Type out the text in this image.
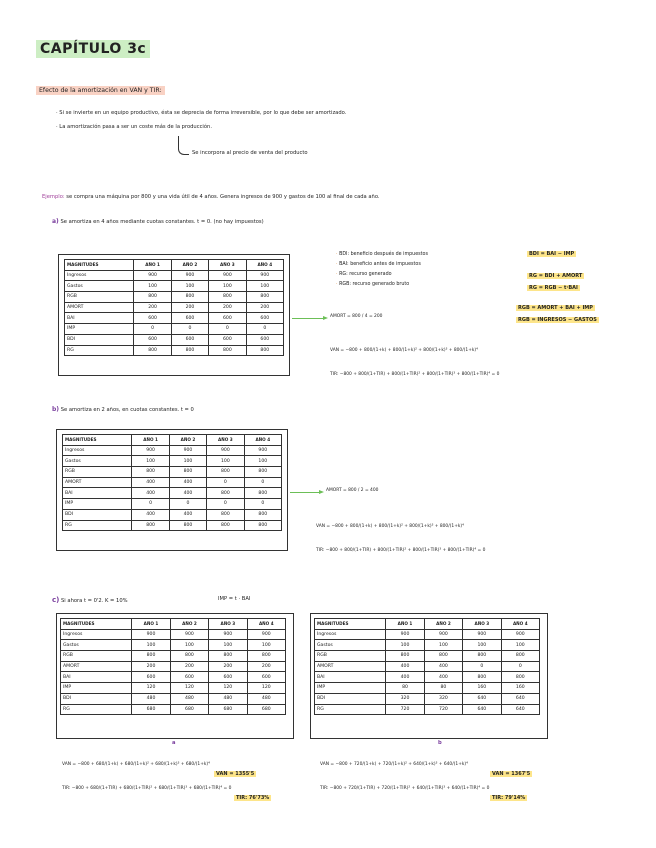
CAPÍTULO 3c
Efecto de la amortización en VAN y TIR:
· Si se invierte en un equipo productivo, ésta se deprecia de forma irreversible, por lo que debe ser amortizado.
· La amortización pasa a ser un coste más de la producción.
Se incorpora al precio de venta del producto
Ejemplo: se compra una máquina por 800 y una vida útil de 4 años. Genera ingresos de 900 y gastos de 100 al final de cada año.
a) Se amortiza en 4 años mediante cuotas constantes. t = 0. (no hay impuestos)
MAGNITUDES	AÑO 1	AÑO 2	AÑO 3	AÑO 4
Ingresos	900	900	900	900
Gastos	100	100	100	100
RGB	800	800	800	800
AMORT	200	200	200	200
BAI	600	600	600	600
IMP	0	0	0	0
BDI	600	600	600	600
RG	800	800	800	800
AMORT = 800 / 4 = 200
VAN = −800 + 800/(1+k) + 800/(1+k)² + 800/(1+k)³ + 800/(1+k)⁴
TIR: −800 + 800/(1+TIR) + 800/(1+TIR)² + 800/(1+TIR)³ + 800/(1+TIR)⁴ = 0
· BDI: beneficio después de impuestos
· BAI: beneficio antes de impuestos
· RG: recurso generado
· RGB: recurso generado bruto
BDI = BAI − IMP
RG = BDI + AMORT
RG = RGB − t·BAI
RGB = AMORT + BAI + IMP
RGB = INGRESOS − GASTOS
b) Se amortiza en 2 años, en cuotas constantes. t = 0
MAGNITUDES	AÑO 1	AÑO 2	AÑO 3	AÑO 4
Ingresos	900	900	900	900
Gastos	100	100	100	100
RGB	800	800	800	800
AMORT	400	400	0	0
BAI	400	400	800	800
IMP	0	0	0	0
BDI	400	400	800	800
RG	800	800	800	800
AMORT = 800 / 2 = 400
VAN = −800 + 800/(1+k) + 800/(1+k)² + 800/(1+k)³ + 800/(1+k)⁴
TIR: −800 + 800/(1+TIR) + 800/(1+TIR)² + 800/(1+TIR)³ + 800/(1+TIR)⁴ = 0
c) Si ahora t = 0'2. K = 10%	IMP = t · BAI
MAGNITUDES	AÑO 1	AÑO 2	AÑO 3	AÑO 4
Ingresos	900	900	900	900
Gastos	100	100	100	100
RGB	800	800	800	800
AMORT	200	200	200	200
BAI	600	600	600	600
IMP	120	120	120	120
BDI	480	480	480	480
RG	680	680	680	680
a
MAGNITUDES	AÑO 1	AÑO 2	AÑO 3	AÑO 4
Ingresos	900	900	900	900
Gastos	100	100	100	100
RGB	800	800	800	800
AMORT	400	400	0	0
BAI	400	400	800	800
IMP	80	80	160	160
BDI	320	320	640	640
RG	720	720	640	640
b
VAN = −800 + 680/(1+k) + 680/(1+k)² + 680/(1+k)³ + 680/(1+k)⁴
VAN = 1355'5
TIR: −800 + 680/(1+TIR) + 680/(1+TIR)² + 680/(1+TIR)³ + 680/(1+TIR)⁴ = 0
TIR: 76'73%
VAN = −800 + 720/(1+k) + 720/(1+k)² + 640/(1+k)³ + 640/(1+k)⁴
VAN = 1367'5
TIR: −800 + 720/(1+TIR) + 720/(1+TIR)² + 640/(1+TIR)³ + 640/(1+TIR)⁴ = 0
TIR: 79'14%
